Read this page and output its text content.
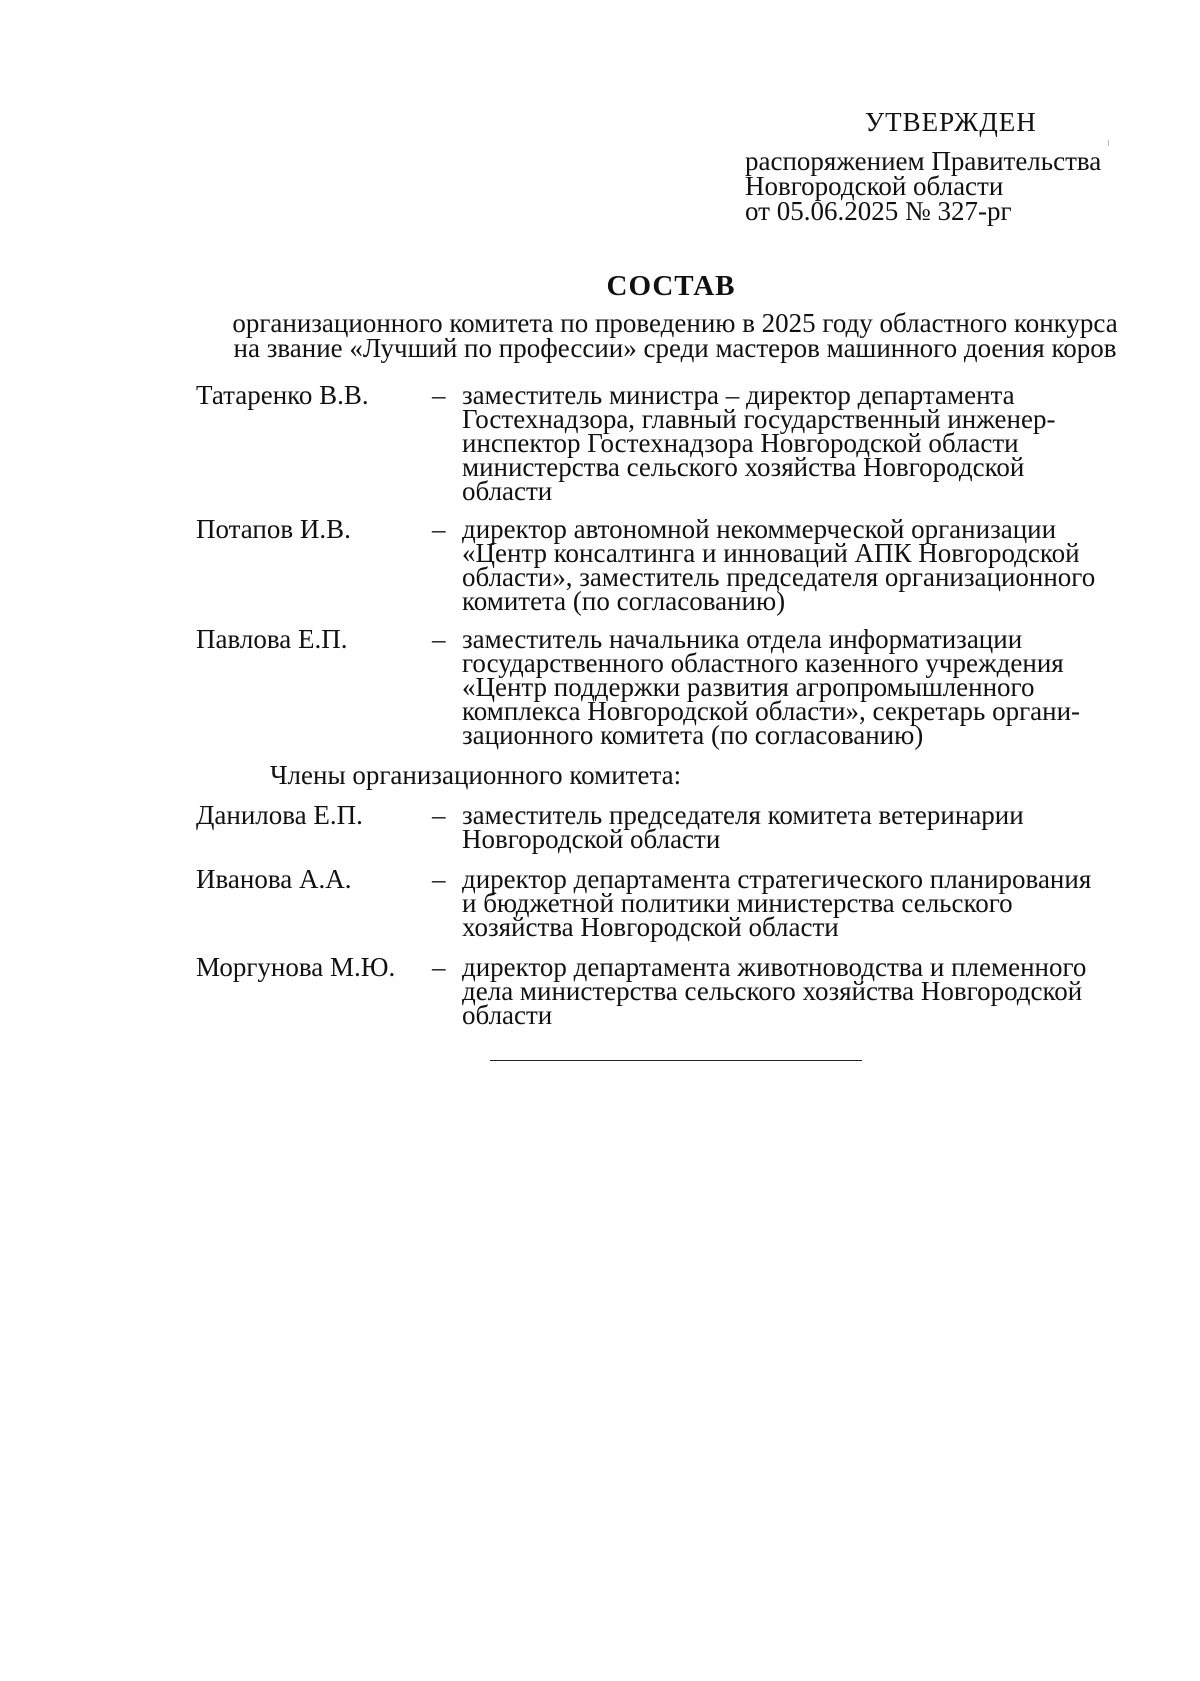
УТВЕРЖДЕН
распоряжением Правительства
Новгородской области
от 05.06.2025 № 327-рг
СОСТАВ
организационного комитета по проведению в 2025 году областного конкурса
на звание «Лучший по профессии» среди мастеров машинного доения коров
Татаренко В.В.	– заместитель министра – директор департамента
Гостехнадзора, главный государственный инженер-
инспектор Гостехнадзора Новгородской области
министерства сельского хозяйства Новгородской
области
Потапов И.В.	– директор автономной некоммерческой организации
«Центр консалтинга и инноваций АПК Новгородской
области», заместитель председателя организационного
комитета (по согласованию)
Павлова Е.П.	– заместитель начальника отдела информатизации
государственного областного казенного учреждения
«Центр поддержки развития агропромышленного
комплекса Новгородской области», секретарь органи-
зационного комитета (по согласованию)
Члены организационного комитета:
Данилова Е.П.	– заместитель председателя комитета ветеринарии
Новгородской области
Иванова А.А.	– директор департамента стратегического планирования
и бюджетной политики министерства сельского
хозяйства Новгородской области
Моргунова М.Ю.	– директор департамента животноводства и племенного
дела министерства сельского хозяйства Новгородской
области
